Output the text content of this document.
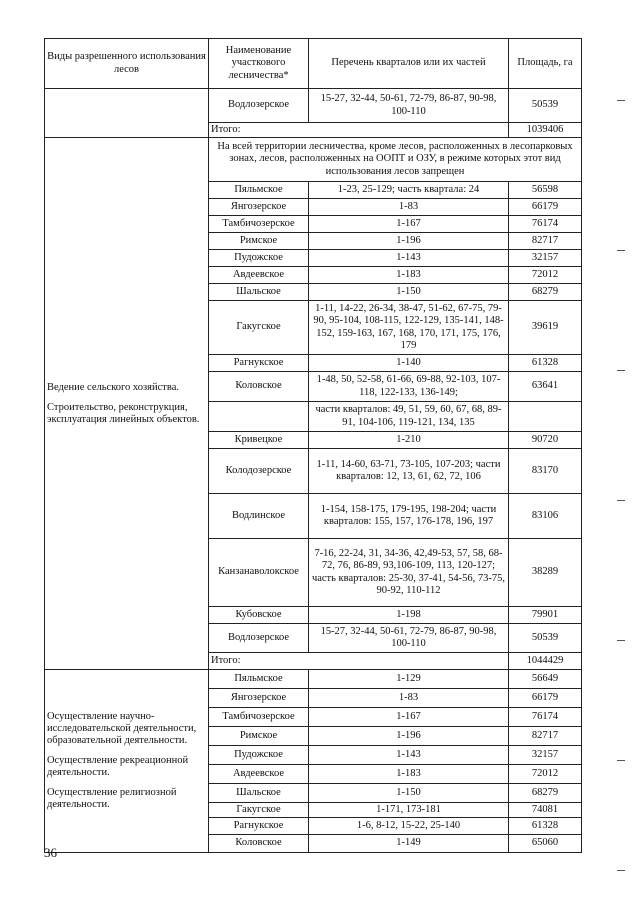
Виды разрешенного использования лесов	Наименование участкового лесничества*	Перечень кварталов или их частей	Площадь, га
	Водлозерское	15-27, 32-44, 50-61, 72-79, 86-87, 90-98, 100-110	50539
	Итого:		1039406

Ведение сельского хозяйства.
Строительство, реконструкция, эксплуатация линейных объектов.	На всей территории лесничества, кроме лесов, расположенных в лесопарковых зонах, лесов, расположенных на ООПТ и ОЗУ, в режиме которых этот вид использования лесов запрещен		
	Пяльмское	1-23, 25-129; часть квартала: 24	56598
	Янгозерское	1-83	66179
	Тамбичозерское	1-167	76174
	Римское	1-196	82717
	Пудожское	1-143	32157
	Авдеевское	1-183	72012
	Шальское	1-150	68279
	Гакугское	1-11, 14-22, 26-34, 38-47, 51-62, 67-75, 79-90, 95-104, 108-115, 122-129, 135-141, 148-152, 159-163, 167, 168, 170, 171, 175, 176, 179	39619
	Рагнукское	1-140	61328
	Коловское	1-48, 50, 52-58, 61-66, 69-88, 92-103, 107-118, 122-133, 136-149;	63641
		части кварталов: 49, 51, 59, 60, 67, 68, 89-91, 104-106, 119-121, 134, 135	
	Кривецкое	1-210	90720
	Колодозерское	1-11, 14-60, 63-71, 73-105, 107-203; части кварталов: 12, 13, 61, 62, 72, 106	83170
	Водлинское	1-154, 158-175, 179-195, 198-204; части кварталов: 155, 157, 176-178, 196, 197	83106
	Канзанаволокское	7-16, 22-24, 31, 34-36, 42,49-53, 57, 58, 68-72, 76, 86-89, 93,106-109, 113, 120-127; часть кварталов: 25-30, 37-41, 54-56, 73-75, 90-92, 110-112	38289
	Кубовское	1-198	79901
	Водлозерское	15-27, 32-44, 50-61, 72-79, 86-87, 90-98, 100-110	50539
	Итого:		1044429

Осуществление научно-исследовательской деятельности, образовательной деятельности.
Осуществление рекреационной деятельности.
Осуществление религиозной деятельности.	Пяльмское	1-129	56649
	Янгозерское	1-83	66179
	Тамбичозерское	1-167	76174
	Римское	1-196	82717
	Пудожское	1-143	32157
	Авдеевское	1-183	72012
	Шальское	1-150	68279
	Гакугское	1-171, 173-181	74081
	Рагнукское	1-6, 8-12, 15-22, 25-140	61328
	Коловское	1-149	65060
36
